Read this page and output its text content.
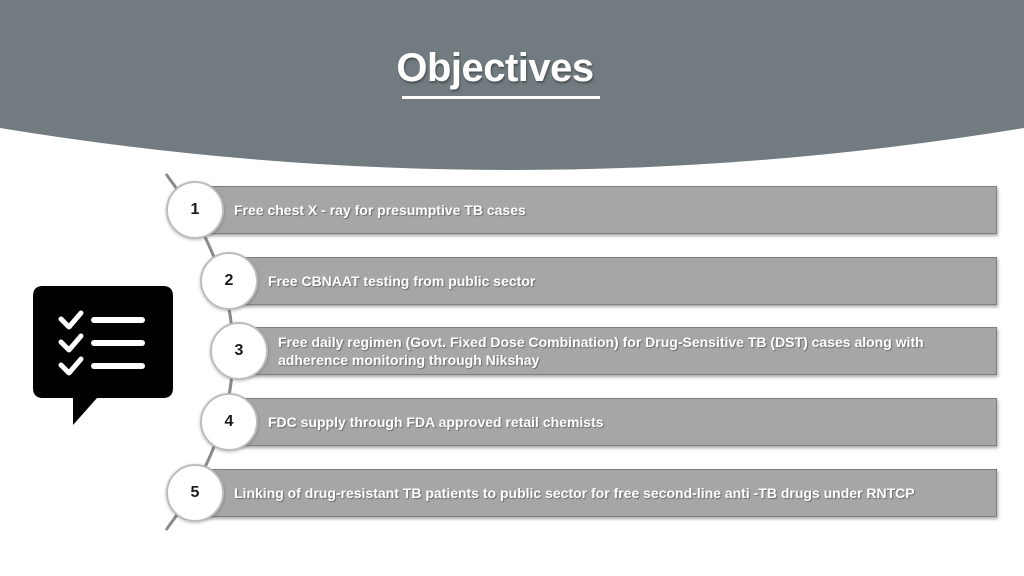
Objectives
Free chest X - ray for presumptive TB cases
Free CBNAAT testing from public sector
Free daily regimen (Govt. Fixed Dose Combination) for Drug-Sensitive TB (DST) cases along with adherence monitoring through Nikshay
FDC supply through FDA approved retail chemists
Linking of drug-resistant TB patients to public sector for free second-line anti -TB drugs under RNTCP
1
2
3
4
5
